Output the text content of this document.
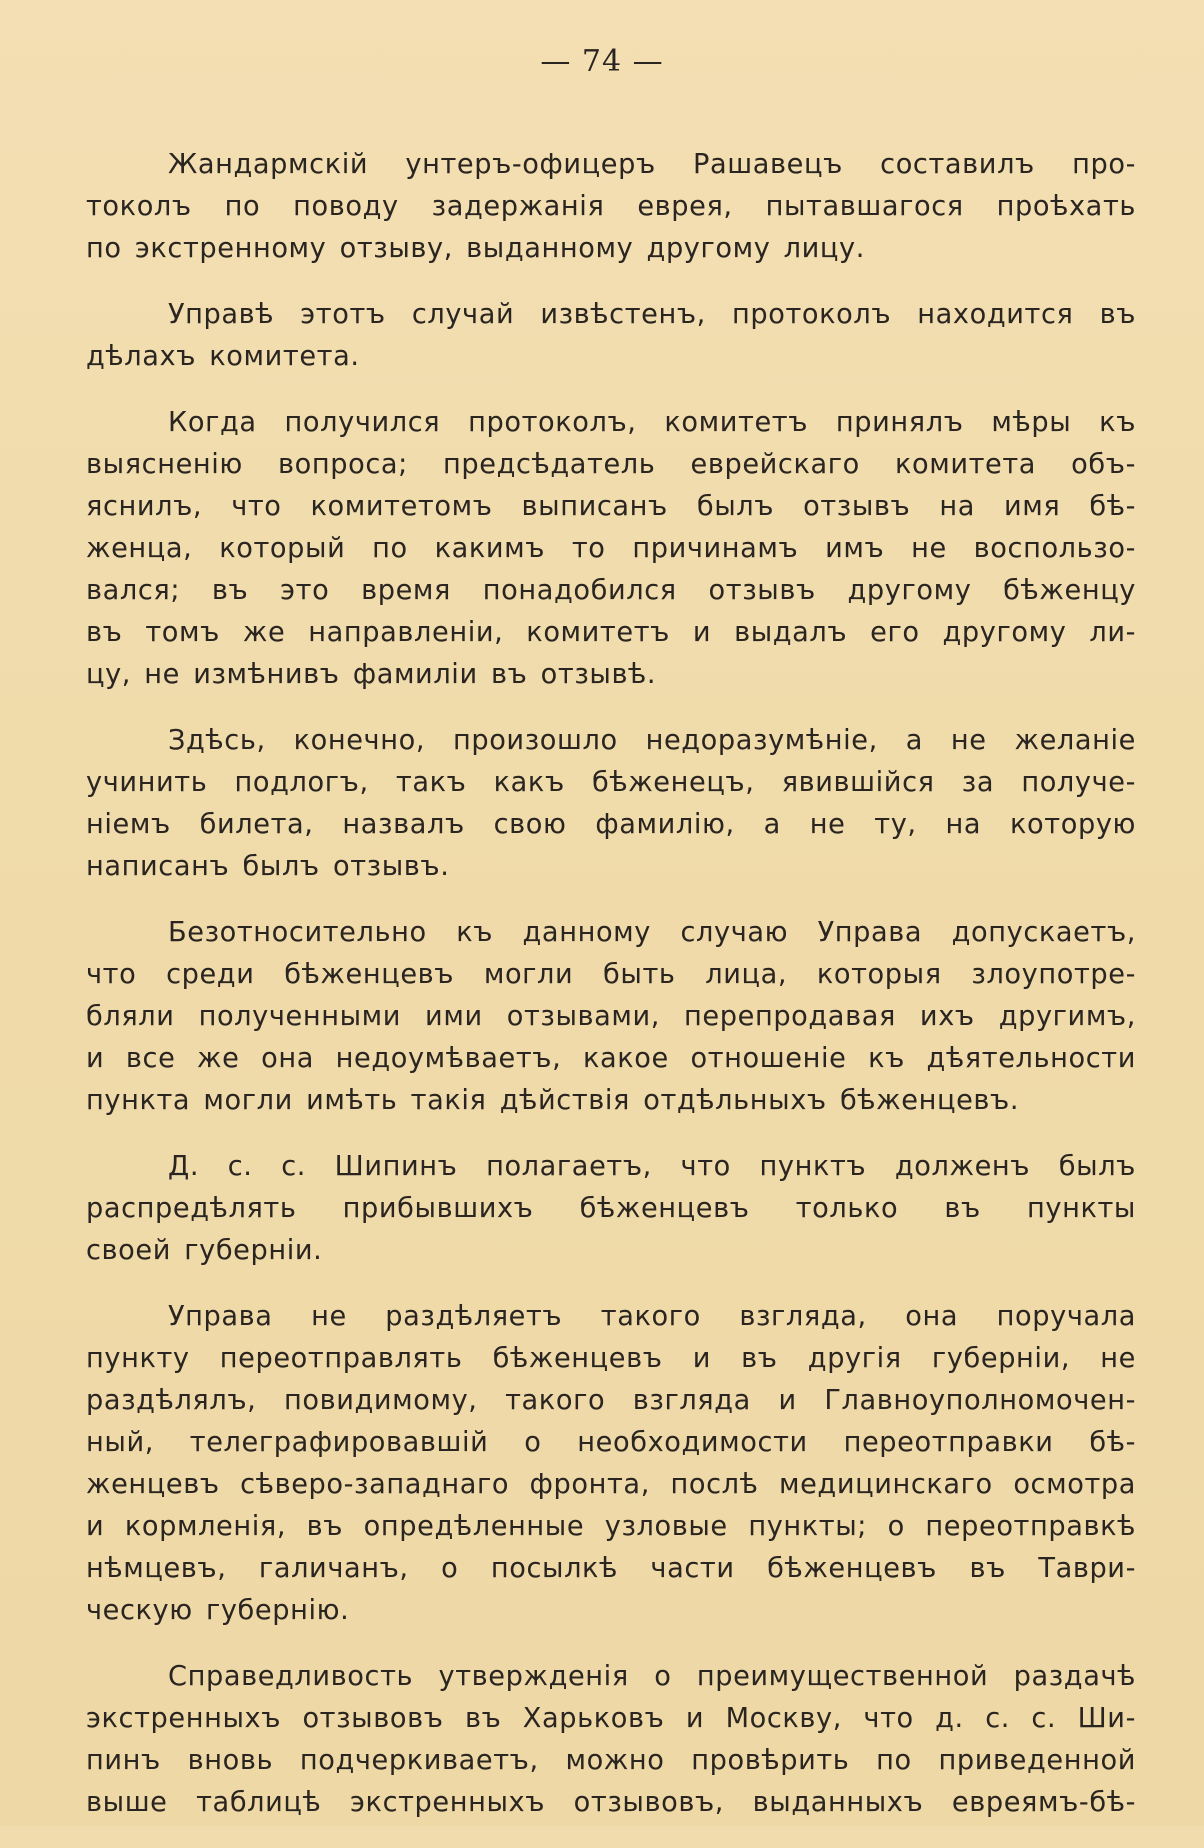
— 74 —

Жандармскій унтеръ-офицеръ Рашавецъ составилъ про-
токолъ по поводу задержанія еврея, пытавшагося проѣхать
по экстренному отзыву, выданному другому лицу.

Управѣ этотъ случай извѣстенъ, протоколъ находится въ
дѣлахъ комитета.

Когда получился протоколъ, комитетъ принялъ мѣры къ
выясненію вопроса; предсѣдатель еврейскаго комитета объ-
яснилъ, что комитетомъ выписанъ былъ отзывъ на имя бѣ-
женца, который по какимъ то причинамъ имъ не воспользо-
вался; въ это время понадобился отзывъ другому бѣженцу
въ томъ же направленіи, комитетъ и выдалъ его другому ли-
цу, не измѣнивъ фамиліи въ отзывѣ.

Здѣсь, конечно, произошло недоразумѣніе, а не желаніе
учинить подлогъ, такъ какъ бѣженецъ, явившійся за получе-
ніемъ билета, назвалъ свою фамилію, а не ту, на которую
написанъ былъ отзывъ.

Безотносительно къ данному случаю Управа допускаетъ,
что среди бѣженцевъ могли быть лица, которыя злоупотре-
бляли полученными ими отзывами, перепродавая ихъ другимъ,
и все же она недоумѣваетъ, какое отношеніе къ дѣятельности
пункта могли имѣть такія дѣйствія отдѣльныхъ бѣженцевъ.

Д. с. с. Шипинъ полагаетъ, что пунктъ долженъ былъ
распредѣлять прибывшихъ бѣженцевъ только въ пункты
своей губерніи.

Управа не раздѣляетъ такого взгляда, она поручала
пункту переотправлять бѣженцевъ и въ другія губерніи, не
раздѣлялъ, повидимому, такого взгляда и Главноуполномочен-
ный, телеграфировавшій о необходимости переотправки бѣ-
женцевъ сѣверо-западнаго фронта, послѣ медицинскаго осмотра
и кормленія, въ опредѣленные узловые пункты; о переотправкѣ
нѣмцевъ, галичанъ, о посылкѣ части бѣженцевъ въ Таври-
ческую губернію.

Справедливость утвержденія о преимущественной раздачѣ
экстренныхъ отзывовъ въ Харьковъ и Москву, что д. с. с. Ши-
пинъ вновь подчеркиваетъ, можно провѣрить по приведенной
выше таблицѣ экстренныхъ отзывовъ, выданныхъ евреямъ-бѣ-
